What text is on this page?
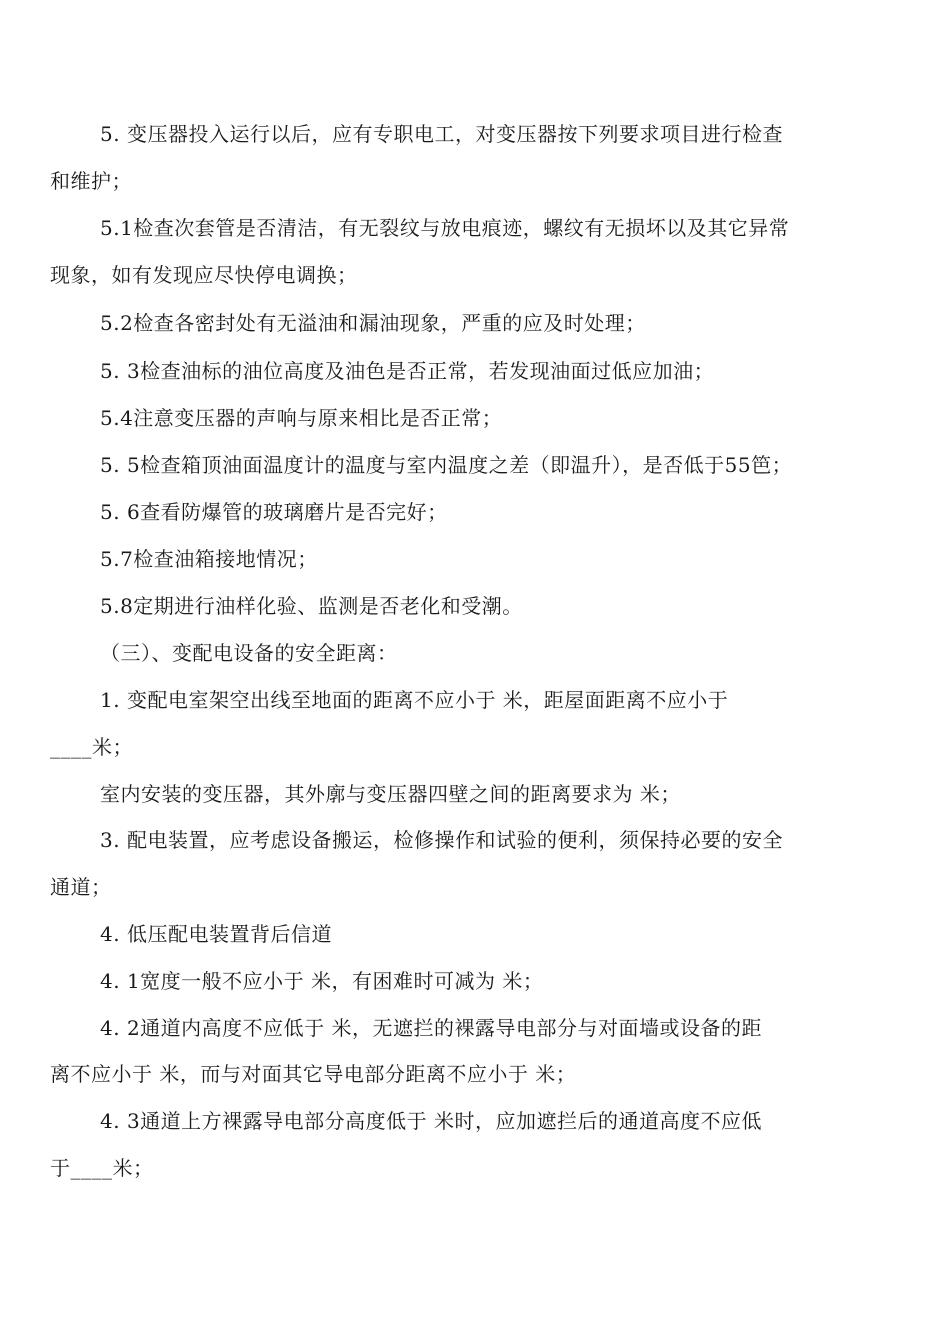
5. 变压器投入运行以后，应有专职电工，对变压器按下列要求项目进行检查
和维护；
5.1检查次套管是否清洁，有无裂纹与放电痕迹，螺纹有无损坏以及其它异常
现象，如有发现应尽快停电调换；
5.2检查各密封处有无溢油和漏油现象，严重的应及时处理；
5. 3检查油标的油位高度及油色是否正常，若发现油面过低应加油；
5.4注意变压器的声响与原来相比是否正常；
5. 5检查箱顶油面温度计的温度与室内温度之差（即温升），是否低于55笆；
5. 6查看防爆管的玻璃磨片是否完好；
5.7检查油箱接地情况；
5.8定期进行油样化验、监测是否老化和受潮。
（三）、变配电设备的安全距离：
1. 变配电室架空出线至地面的距离不应小于 米，距屋面距离不应小于
____米；
室内安装的变压器，其外廓与变压器四壁之间的距离要求为 米；
3. 配电装置，应考虑设备搬运，检修操作和试验的便利，须保持必要的安全
通道；
4. 低压配电装置背后信道
4. 1宽度一般不应小于 米，有困难时可减为 米；
4. 2通道内高度不应低于 米，无遮拦的裸露导电部分与对面墙或设备的距
离不应小于 米，而与对面其它导电部分距离不应小于 米；
4. 3通道上方裸露导电部分高度低于 米时，应加遮拦后的通道高度不应低
于____米；
